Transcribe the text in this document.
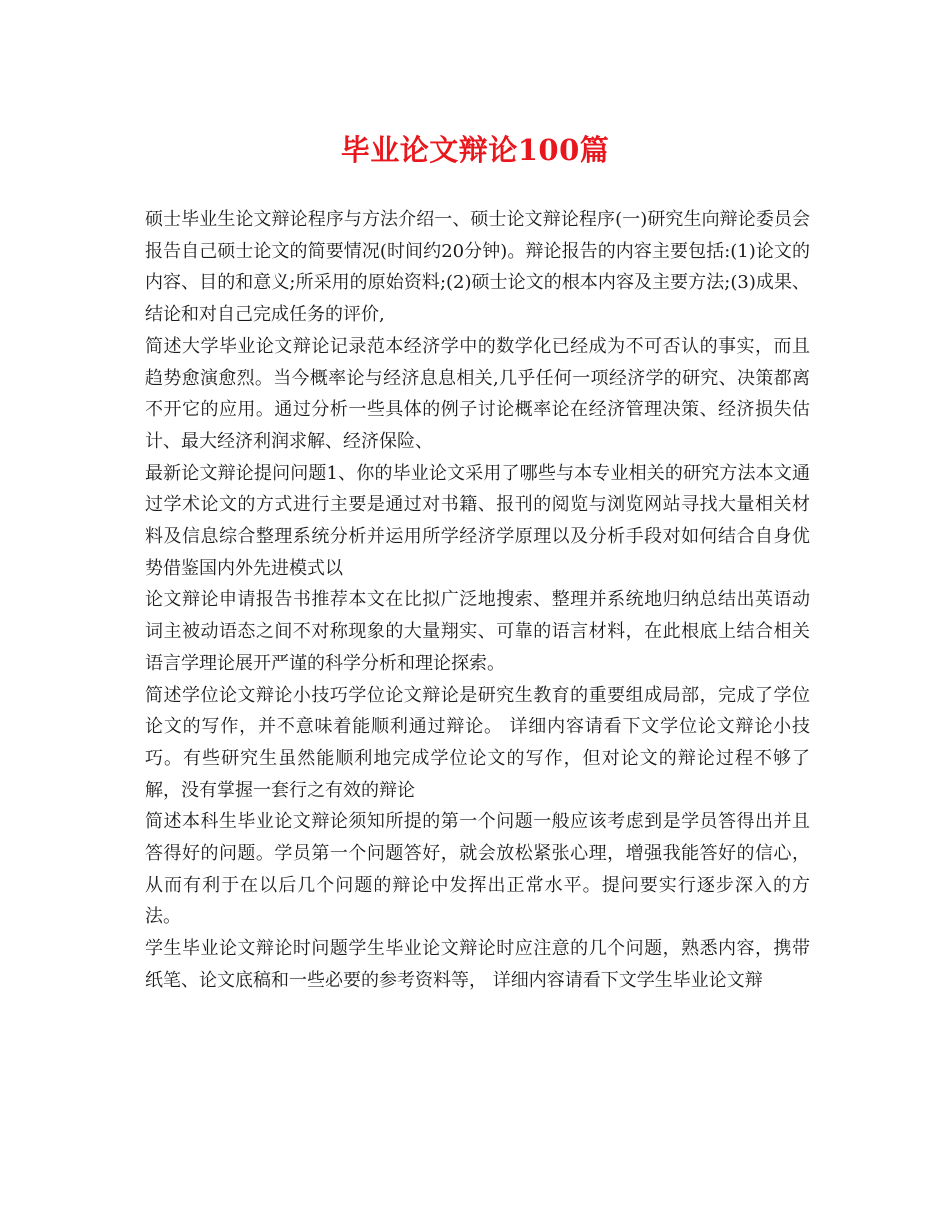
毕业论文辩论100篇

硕士毕业生论文辩论程序与方法介绍一、硕士论文辩论程序(一)研究生向辩论委员会报告自己硕士论文的简要情况(时间约20分钟)。辩论报告的内容主要包括:(1)论文的内容、目的和意义;所采用的原始资料;(2)硕士论文的根本内容及主要方法;(3)成果、结论和对自己完成任务的评价,

简述大学毕业论文辩论记录范本经济学中的数学化已经成为不可否认的事实，而且趋势愈演愈烈。当今概率论与经济息息相关,几乎任何一项经济学的研究、决策都离不开它的应用。通过分析一些具体的例子讨论概率论在经济管理决策、经济损失估计、最大经济利润求解、经济保险、

最新论文辩论提问问题1、你的毕业论文采用了哪些与本专业相关的研究方法本文通过学术论文的方式进行主要是通过对书籍、报刊的阅览与浏览网站寻找大量相关材料及信息综合整理系统分析并运用所学经济学原理以及分析手段对如何结合自身优势借鉴国内外先进模式以

论文辩论申请报告书推荐本文在比拟广泛地搜索、整理并系统地归纳总结出英语动词主被动语态之间不对称现象的大量翔实、可靠的语言材料，在此根底上结合相关语言学理论展开严谨的科学分析和理论探索。

简述学位论文辩论小技巧学位论文辩论是研究生教育的重要组成局部，完成了学位论文的写作，并不意味着能顺利通过辩论。 详细内容请看下文学位论文辩论小技巧。有些研究生虽然能顺利地完成学位论文的写作，但对论文的辩论过程不够了解，没有掌握一套行之有效的辩论

简述本科生毕业论文辩论须知所提的第一个问题一般应该考虑到是学员答得出并且答得好的问题。学员第一个问题答好，就会放松紧张心理，增强我能答好的信心，从而有利于在以后几个问题的辩论中发挥出正常水平。提问要实行逐步深入的方法。

学生毕业论文辩论时问题学生毕业论文辩论时应注意的几个问题，熟悉内容，携带纸笔、论文底稿和一些必要的参考资料等， 详细内容请看下文学生毕业论文辩
